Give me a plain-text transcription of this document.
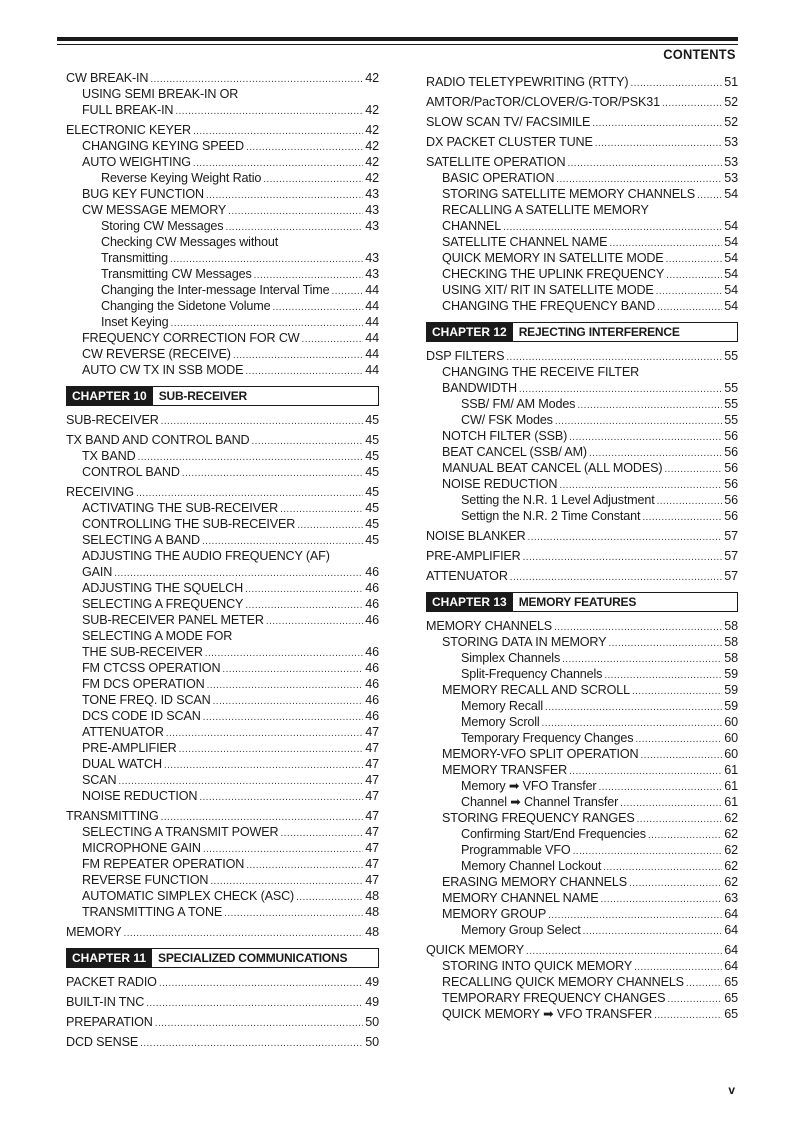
CONTENTS
CW BREAK-IN .....	42
USING SEMI BREAK-IN OR
FULL BREAK-IN .....	42
ELECTRONIC KEYER .....	42
CHANGING KEYING SPEED .....	42
AUTO WEIGHTING .....	42
Reverse Keying Weight Ratio .....	42
BUG KEY FUNCTION .....	43
CW MESSAGE MEMORY .....	43
Storing CW Messages .....	43
Checking CW Messages without
Transmitting .....	43
Transmitting CW Messages .....	43
Changing the Inter-message Interval Time .....	44
Changing the Sidetone Volume .....	44
Inset Keying .....	44
FREQUENCY CORRECTION FOR CW .....	44
CW REVERSE (RECEIVE) .....	44
AUTO CW TX IN SSB MODE .....	44
CHAPTER 10	SUB-RECEIVER
SUB-RECEIVER .....	45
TX BAND AND CONTROL BAND .....	45
TX BAND .....	45
CONTROL BAND .....	45
RECEIVING .....	45
ACTIVATING THE SUB-RECEIVER .....	45
CONTROLLING THE SUB-RECEIVER .....	45
SELECTING A BAND .....	45
ADJUSTING THE AUDIO FREQUENCY (AF)
GAIN .....	46
ADJUSTING THE SQUELCH .....	46
SELECTING A FREQUENCY .....	46
SUB-RECEIVER PANEL METER .....	46
SELECTING A MODE FOR
THE SUB-RECEIVER .....	46
FM CTCSS OPERATION .....	46
FM DCS OPERATION .....	46
TONE FREQ. ID SCAN .....	46
DCS CODE ID SCAN .....	46
ATTENUATOR .....	47
PRE-AMPLIFIER .....	47
DUAL WATCH .....	47
SCAN .....	47
NOISE REDUCTION .....	47
TRANSMITTING .....	47
SELECTING A TRANSMIT POWER .....	47
MICROPHONE GAIN .....	47
FM REPEATER OPERATION .....	47
REVERSE FUNCTION .....	47
AUTOMATIC SIMPLEX CHECK (ASC) .....	48
TRANSMITTING A TONE .....	48
MEMORY .....	48
CHAPTER 11	SPECIALIZED COMMUNICATIONS
PACKET RADIO .....	49
BUILT-IN TNC .....	49
PREPARATION .....	50
DCD SENSE .....	50
RADIO TELETYPEWRITING (RTTY) .....	51
AMTOR/PacTOR/CLOVER/G-TOR/PSK31 .....	52
SLOW SCAN TV/ FACSIMILE .....	52
DX PACKET CLUSTER TUNE .....	53
SATELLITE OPERATION .....	53
BASIC OPERATION .....	53
STORING SATELLITE MEMORY CHANNELS ..... 54
RECALLING A SATELLITE MEMORY
CHANNEL .....	54
SATELLITE CHANNEL NAME .....	54
QUICK MEMORY IN SATELLITE MODE .....	54
CHECKING THE UPLINK FREQUENCY .....	54
USING XIT/ RIT IN SATELLITE MODE .....	54
CHANGING THE FREQUENCY BAND .....	54
CHAPTER 12	REJECTING INTERFERENCE
DSP FILTERS .....	55
CHANGING THE RECEIVE FILTER
BANDWIDTH .....	55
SSB/ FM/ AM Modes .....	55
CW/ FSK Modes .....	55
NOTCH FILTER (SSB) .....	56
BEAT CANCEL (SSB/ AM) .....	56
MANUAL BEAT CANCEL (ALL MODES) .....	56
NOISE REDUCTION .....	56
Setting the N.R. 1 Level Adjustment .....	56
Settign the N.R. 2 Time Constant .....	56
NOISE BLANKER .....	57
PRE-AMPLIFIER .....	57
ATTENUATOR .....	57
CHAPTER 13	MEMORY FEATURES
MEMORY CHANNELS .....	58
STORING DATA IN MEMORY .....	58
Simplex Channels .....	58
Split-Frequency Channels .....	59
MEMORY RECALL AND SCROLL .....	59
Memory Recall .....	59
Memory Scroll .....	60
Temporary Frequency Changes .....	60
MEMORY-VFO SPLIT OPERATION .....	60
MEMORY TRANSFER .....	61
Memory ➡ VFO Transfer .....	61
Channel ➡ Channel Transfer .....	61
STORING FREQUENCY RANGES .....	62
Confirming Start/End Frequencies .....	62
Programmable VFO .....	62
Memory Channel Lockout .....	62
ERASING MEMORY CHANNELS .....	62
MEMORY CHANNEL NAME .....	63
MEMORY GROUP .....	64
Memory Group Select .....	64
QUICK MEMORY .....	64
STORING INTO QUICK MEMORY .....	64
RECALLING QUICK MEMORY CHANNELS .....	65
TEMPORARY FREQUENCY CHANGES .....	65
QUICK MEMORY ➡ VFO TRANSFER .....	65
v
